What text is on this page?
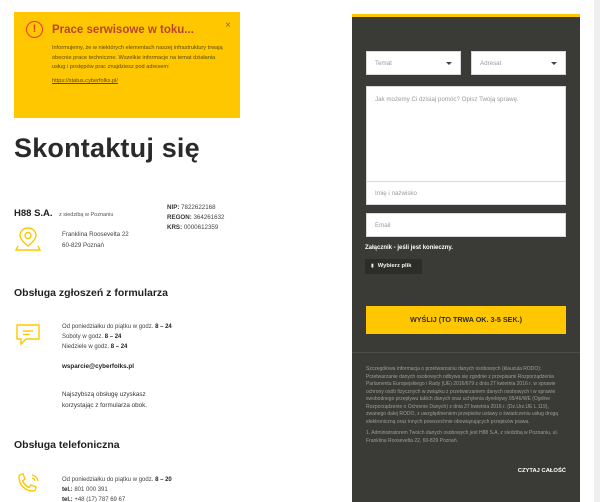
!	Prace serwisowe w toku...	×
Informujemy, że w niektórych elementach naszej infrastruktury trwają obecnie prace techniczne. Wszelkie informacje na temat działania usług i postępów prac znajdziesz pod adresem:
https://status.cyberfolks.pl/
Skontaktuj się
H88 S.A. z siedzibą w Poznaniu
Franklina Roosevelta 22
60-829 Poznań
NIP: 7822622168
REGON: 364261632
KRS: 0000612359
Obsługa zgłoszeń z formularza
Od poniedziałku do piątku w godz. 8 – 24
Soboty w godz. 8 – 24
Niedziele w godz. 8 – 24
wsparcie@cyberfolks.pl
Najszybszą obsługę uzyskasz
korzystając z formularza obok.
Obsługa telefoniczna
Od poniedziałku do piątku w godz. 8 – 20
tel.: 801 000 391
tel.: +48 (17) 787 69 67
Temat	Adresat
Jak możemy Ci dzisiaj pomóc? Opisz Twoją sprawę.
Imię i nazwisko
Email
Załącznik - jeśli jest konieczny.
▮ Wybierz plik
WYŚLIJ (TO TRWA OK. 3-5 SEK.)

Szczegółowa informacja o przetwarzaniu danych osobowych (klauzula RODO): Przetwarzanie danych osobowych odbywa się zgodnie z przepisami Rozporządzenia Parlamentu Europejskiego i Rady (UE) 2016/679 z dnia 27 kwietnia 2016 r. w sprawie ochrony osób fizycznych w związku z przetwarzaniem danych osobowych i w sprawie swobodnego przepływu takich danych oraz uchylenia dyrektywy 95/46/WE (Ogólne Rozporządzenie o Ochronie Danych) z dnia 27 kwietnia 2016 r. (Dz.Urz.UE L 119), zwanego dalej RODO, z uwzględnieniem przepisów ustawy o świadczeniu usług drogą elektroniczną oraz innych powszechnie obowiązujących przepisów prawa.

1. Administratorem Twoich danych osobowych jest H88 S.A. z siedzibą w Poznaniu, ul. Franklina Roosevelta 22, 60-829 Poznań.

CZYTAJ CAŁOŚĆ
